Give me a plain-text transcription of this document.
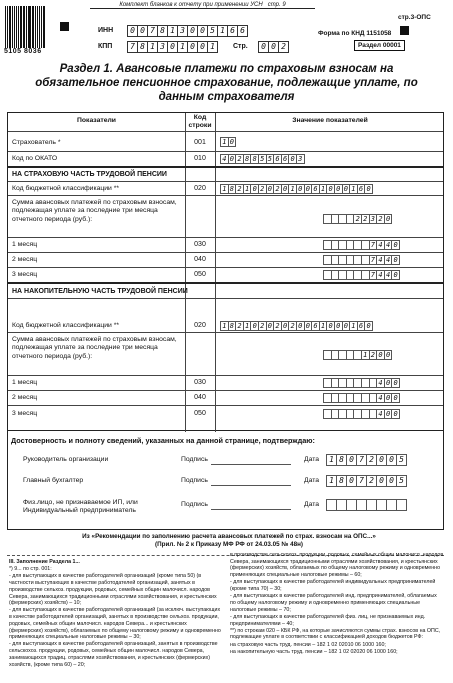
Комплект бланков к отчету при применении УСН стр. 9
стр.3-ОПС
5105 8036
ИНН	0 0 7 8 1 3 0 0 5 1 6 6
КПП	7 8 1 3 0 1 0 0 1	Стр.	0 0 2
Форма по КНД 1151058
Раздел 00001
Раздел 1. Авансовые платежи по страховым взносам на обязательное пенсионное страхование, подлежащие уплате, по данным страхователя
Показатели	Код строки
Значение показателей
Страхователь *	001	1 0
Код по ОКАТО	010	4 0 2 8 8 5 5 6 6 0 3
НА СТРАХОВУЮ ЧАСТЬ ТРУДОВОЙ ПЕНСИИ
Код бюджетной классификации **	020	1 8 2 1 0 2 0 2 0 1 0 0 6 1 0 0 0 1 6 0
Сумма авансовых платежей по страховым взносам, подлежащая уплате за последние три месяца отчетного периода (руб.):	2 2 3 2 0
1 месяц	030	7 4 4 0
2 месяц	040	7 4 4 0
3 месяц	050	7 4 4 0
НА НАКОПИТЕЛЬНУЮ ЧАСТЬ ТРУДОВОЙ ПЕНСИИ
Код бюджетной классификации **	020	1 8 2 1 0 2 0 2 0 2 0 0 6 1 0 0 0 1 6 0
Сумма авансовых платежей по страховым взносам, подлежащая уплате за последние три месяца отчетного периода (руб.):	1 2 0 0
1 месяц	030	4 0 0
2 месяц	040	4 0 0
3 месяц	050	4 0 0
Достоверность и полноту сведений, указанных на данной странице, подтверждаю:
Руководитель организации	Подпись	Дата	1 8 0 7 2 0 0 5
Главный бухгалтер	Подпись	Дата	1 8 0 7 2 0 0 5
Физ.лицо, не признаваемое ИП, или Индивидуальный предприниматель
Подпись	Дата
Из «Рекомендации по заполнению расчета авансовых платежей по страх. взносам на ОПС...»
(Прил. № 2 к Приказу МФ РФ от 24.03.05 № 48н)

III. Заполнение Раздела 1...

*) 9... по стр. 001:

- для выступающих в качестве работодателей организаций (кроме типа 50) (в частности выступающих в качестве работодателей организаций, занятых в производстве сельхоз. продукции, родовых, семейных общин малочисл. народов Севера, занимающихся традиционными отраслями хозяйствования, и крестьянских (фермерских) хозяйств) – 10;

- для выступающих в качестве работодателей организаций (за исключ. выступающих в качестве работодателей организаций, занятых в производстве сельхоз. продукции, родовых, семейных общин малочисл. народов Севера... и крестьянских (фермерских) хозяйств), облагаемых по общему налоговому режиму и одновременно применяющих специальные налоговые режимы – 30;

- для выступающих в качестве работодателей организаций, занятых в производстве сельскохоз. продукции, родовых, семейных общин малочисл. народов Севера, занимающихся традиц. отраслями хозяйствования, и крестьянских (фермерских) хозяйств, (кроме типа 60) – 20;

в производстве сельскохоз. продукции, родовых, семейных общин малочисл. народов Севера, занимающихся традиционными отраслями хозяйствования, и крестьянских (фермерских) хозяйств, облагаемых по общему налоговому режиму и одновременно применяющих специальные налоговые режимы – 60;

- для выступающих в качестве работодателей индивидуальных предпринимателей (кроме типа 70) – 30;

- для выступающих в качестве работодателей инд. предпринимателей, облагаемых по общему налоговому режиму и одновременно применяющих специальные налоговые режимы – 70;

- для выступающих в качестве работодателей физ. лиц, не признаваемых инд. предпринимателями – 40;

**) по строкам 020 – КБК РФ, на которые зачисляются суммы страх. взносов на ОПС, подлежащие уплате в соответствии с классификацией доходов бюджетов РФ:

на страховую часть труд. пенсии – 182 1 02 02010 06 1000 160;

на накопительную часть труд. пенсии – 182 1 02 02020 06 1000 160;
